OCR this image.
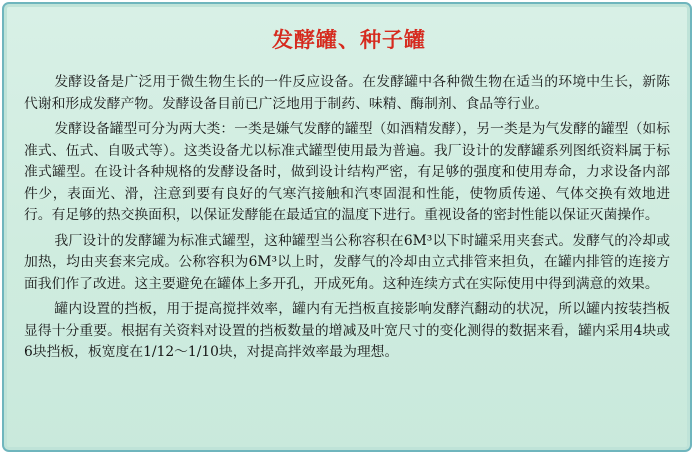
发酵罐、种子罐

发酵设备是广泛用于微生物生长的一件反应设备。在发酵罐中各种微生物在适当的环境中生长，新陈代谢和形成发酵产物。发酵设备目前已广泛地用于制药、味精、酶制剂、食品等行业。

发酵设备罐型可分为两大类：一类是嫌气发酵的罐型（如酒精发酵），另一类是为气发酵的罐型（如标准式、伍式、自吸式等）。这类设备尤以标准式罐型使用最为普遍。我厂设计的发酵罐系列图纸资料属于标准式罐型。在设计各种规格的发酵设备时，做到设计结构严密，有足够的强度和使用寿命，力求设备内部件少，表面光、滑，注意到要有良好的气寒汽接触和汽枣固混和性能，使物质传递、气体交换有效地进行。有足够的热交换面积，以保证发酵能在最适宜的温度下进行。重视设备的密封性能以保证灭菌操作。

我厂设计的发酵罐为标准式罐型，这种罐型当公称容积在6M³以下时罐采用夹套式。发酵气的冷却或加热，均由夹套来完成。公称容积为6M³以上时，发酵气的冷却由立式排管来担负，在罐内排管的连接方面我们作了改进。这主要避免在罐体上多开孔，开成死角。这种连续方式在实际使用中得到满意的效果。

罐内设置的挡板，用于提高搅拌效率，罐内有无挡板直接影响发酵汽翻动的状况，所以罐内按装挡板显得十分重要。根据有关资料对设置的挡板数量的增减及叶宽尺寸的变化测得的数据来看，罐内采用4块或6块挡板，板宽度在1/12～1/10块，对提高拌效率最为理想。
